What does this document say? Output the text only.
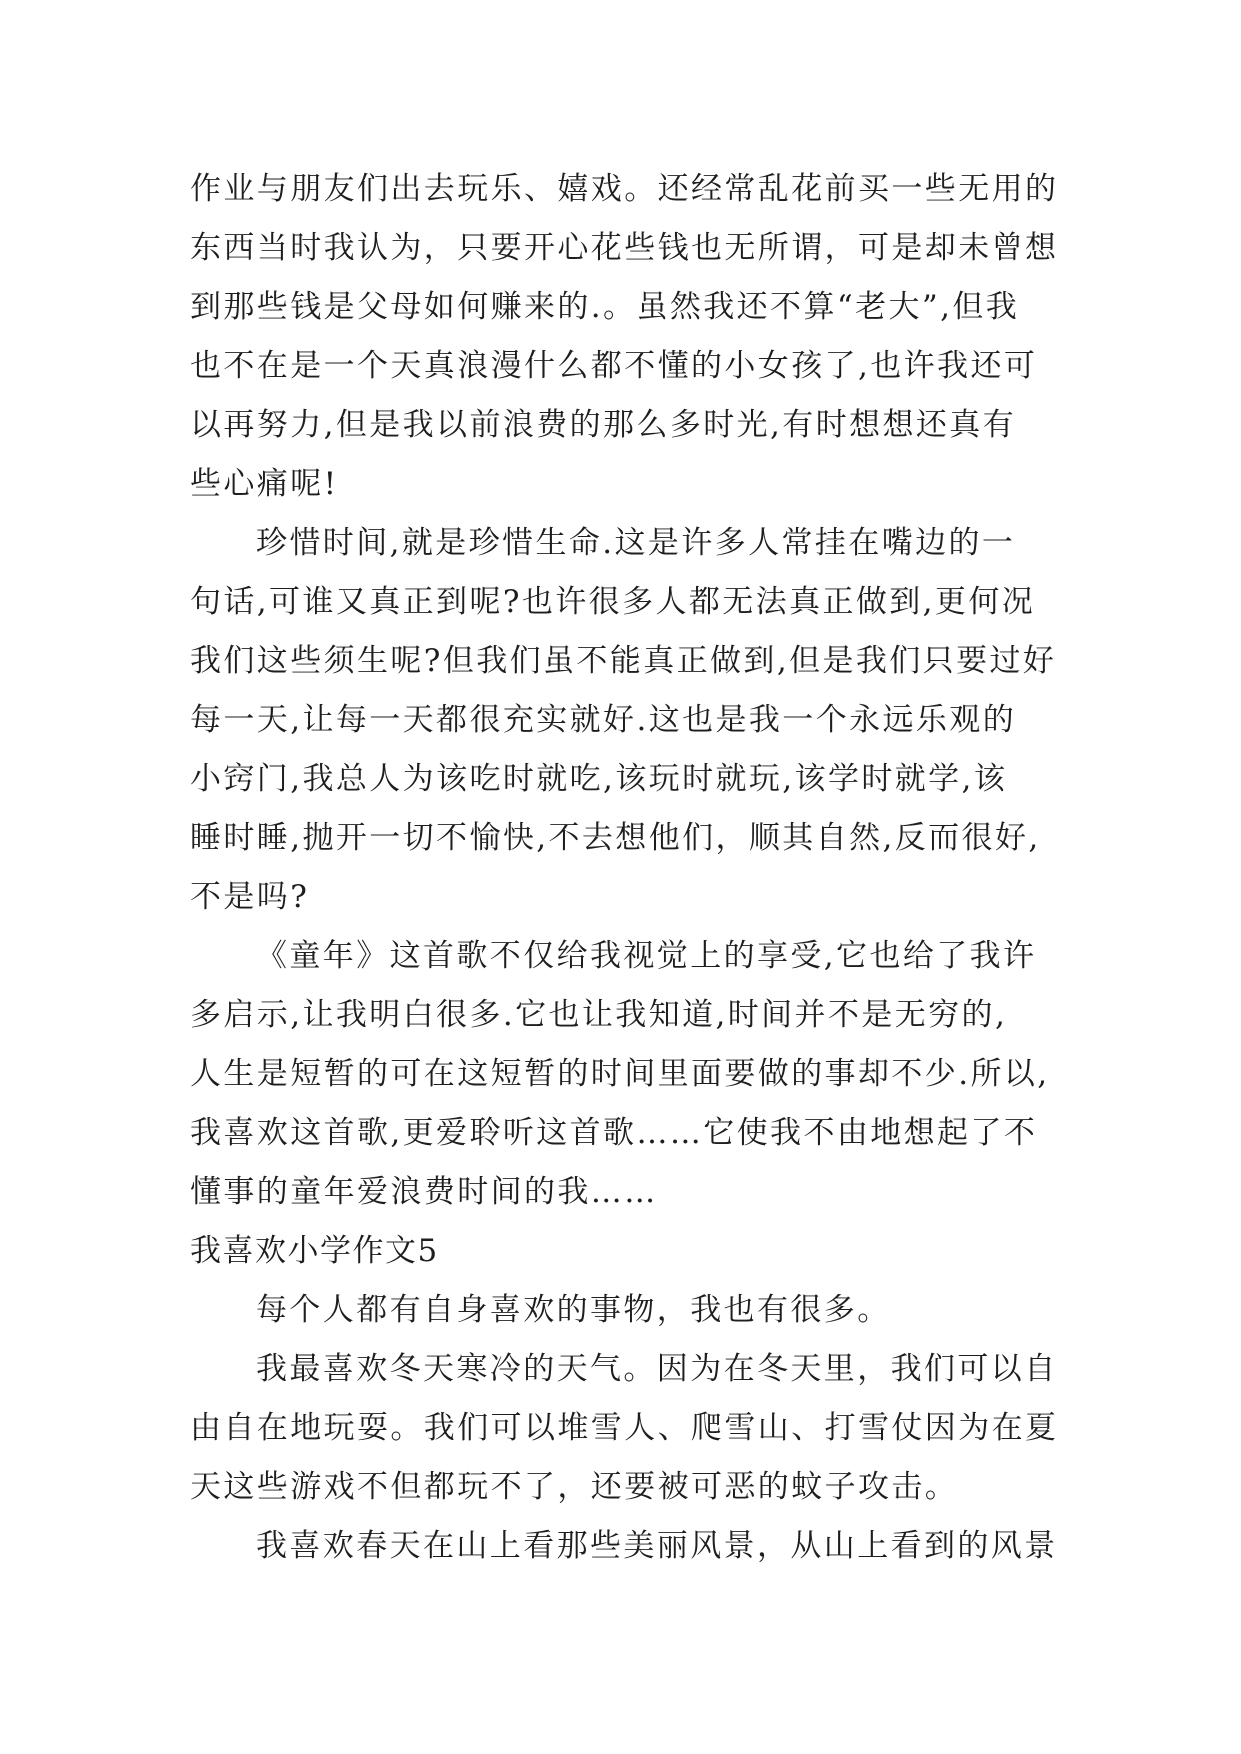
作业与朋友们出去玩乐、嬉戏。还经常乱花前买一些无用的
东西当时我认为，只要开心花些钱也无所谓，可是却未曾想
到那些钱是父母如何赚来的.。虽然我还不算“老大”,但我
也不在是一个天真浪漫什么都不懂的小女孩了,也许我还可
以再努力,但是我以前浪费的那么多时光,有时想想还真有
些心痛呢!
珍惜时间,就是珍惜生命.这是许多人常挂在嘴边的一
句话,可谁又真正到呢?也许很多人都无法真正做到,更何况
我们这些须生呢?但我们虽不能真正做到,但是我们只要过好
每一天,让每一天都很充实就好.这也是我一个永远乐观的
小窍门,我总人为该吃时就吃,该玩时就玩,该学时就学,该
睡时睡,抛开一切不愉快,不去想他们，顺其自然,反而很好,
不是吗?
《童年》这首歌不仅给我视觉上的享受,它也给了我许
多启示,让我明白很多.它也让我知道,时间并不是无穷的,
人生是短暂的可在这短暂的时间里面要做的事却不少.所以,
我喜欢这首歌,更爱聆听这首歌……它使我不由地想起了不
懂事的童年爱浪费时间的我……
我喜欢小学作文5
每个人都有自身喜欢的事物，我也有很多。
我最喜欢冬天寒冷的天气。因为在冬天里，我们可以自
由自在地玩耍。我们可以堆雪人、爬雪山、打雪仗因为在夏
天这些游戏不但都玩不了，还要被可恶的蚊子攻击。
我喜欢春天在山上看那些美丽风景，从山上看到的风景
